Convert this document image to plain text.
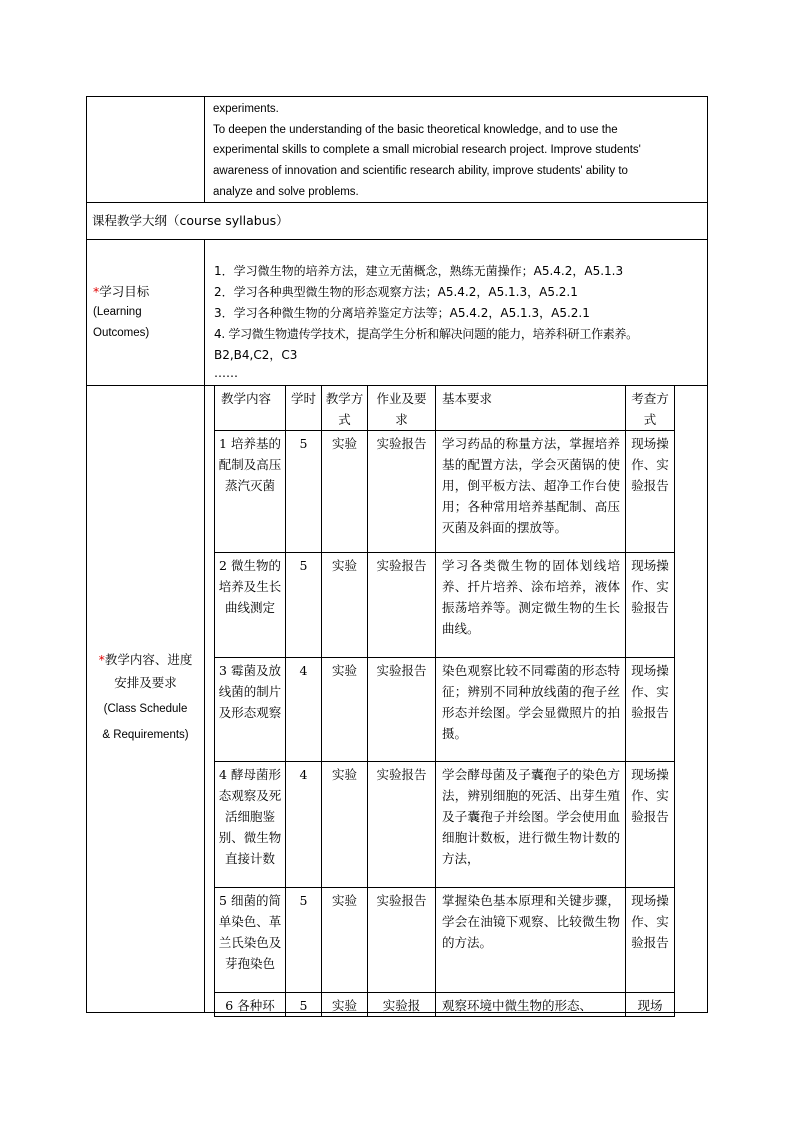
experiments.
To deepen the understanding of the basic theoretical knowledge, and to use the
experimental skills to complete a small microbial research project. Improve students'
awareness of innovation and scientific research ability, improve students' ability to
analyze and solve problems.
课程教学大纲（course syllabus）
*学习目标
(Learning
Outcomes)
1．学习微生物的培养方法，建立无菌概念，熟练无菌操作；A5.4.2，A5.1.3
2．学习各种典型微生物的形态观察方法；A5.4.2，A5.1.3，A5.2.1
3．学习各种微生物的分离培养鉴定方法等；A5.4.2，A5.1.3，A5.2.1
4. 学习微生物遗传学技术，提高学生分析和解决问题的能力，培养科研工作素养。
B2,B4,C2，C3
……
*教学内容、进度
安排及要求
(Class Schedule
& Requirements)
教学内容	学时	教学方式	作业及要求	基本要求	考查方式
1 培养基的配制及高压蒸汽灭菌	5	实验	实验报告	学习药品的称量方法，掌握培养基的配置方法，学会灭菌锅的使用，倒平板方法、超净工作台使用；各种常用培养基配制、高压灭菌及斜面的摆放等。	现场操作、实验报告
2 微生物的培养及生长曲线测定	5	实验	实验报告	学习各类微生物的固体划线培养、扦片培养、涂布培养，液体振荡培养等。测定微生物的生长曲线。	现场操作、实验报告
3 霉菌及放线菌的制片及形态观察	4	实验	实验报告	染色观察比较不同霉菌的形态特征；辨别不同种放线菌的孢子丝形态并绘图。学会显微照片的拍摄。	现场操作、实验报告
4 酵母菌形态观察及死活细胞鉴别、微生物直接计数	4	实验	实验报告	学会酵母菌及子囊孢子的染色方法，辨别细胞的死活、出芽生殖及子囊孢子并绘图。学会使用血细胞计数板，进行微生物计数的方法，	现场操作、实验报告
5 细菌的简单染色、革兰氏染色及芽孢染色	5	实验	实验报告	掌握染色基本原理和关键步骤，学会在油镜下观察、比较微生物的方法。	现场操作、实验报告
6 各种环	5	实验	实验报	观察环境中微生物的形态、	现场
